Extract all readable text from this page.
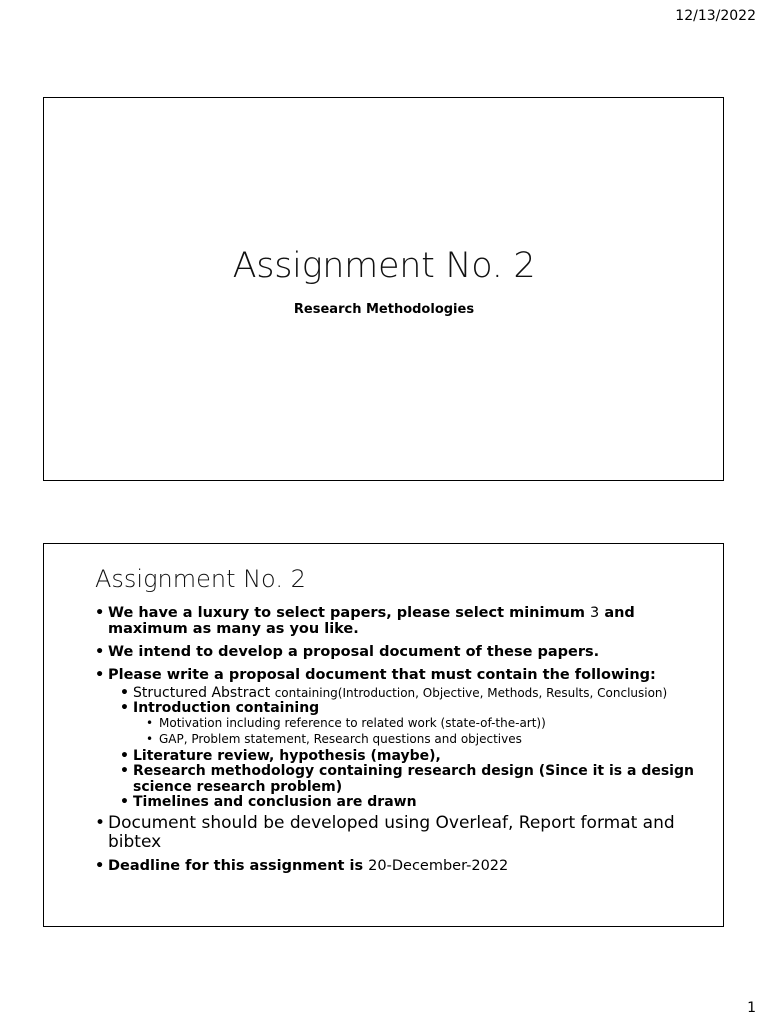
12/13/2022
Assignment No. 2
Research Methodologies
Assignment No. 2

• We have a luxury to select papers, please select minimum 3 and maximum as many as you like.

• We intend to develop a proposal document of these papers.

• Please write a proposal document that must contain the following:

• Structured Abstract containing(Introduction, Objective, Methods, Results, Conclusion)

• Introduction containing

• Motivation including reference to related work (state-of-the-art))

• GAP, Problem statement, Research questions and objectives

• Literature review, hypothesis (maybe),

• Research methodology containing research design (Since it is a design science research problem)

• Timelines and conclusion are drawn

• Document should be developed using Overleaf, Report format and bibtex

• Deadline for this assignment is 20-December-2022

1
